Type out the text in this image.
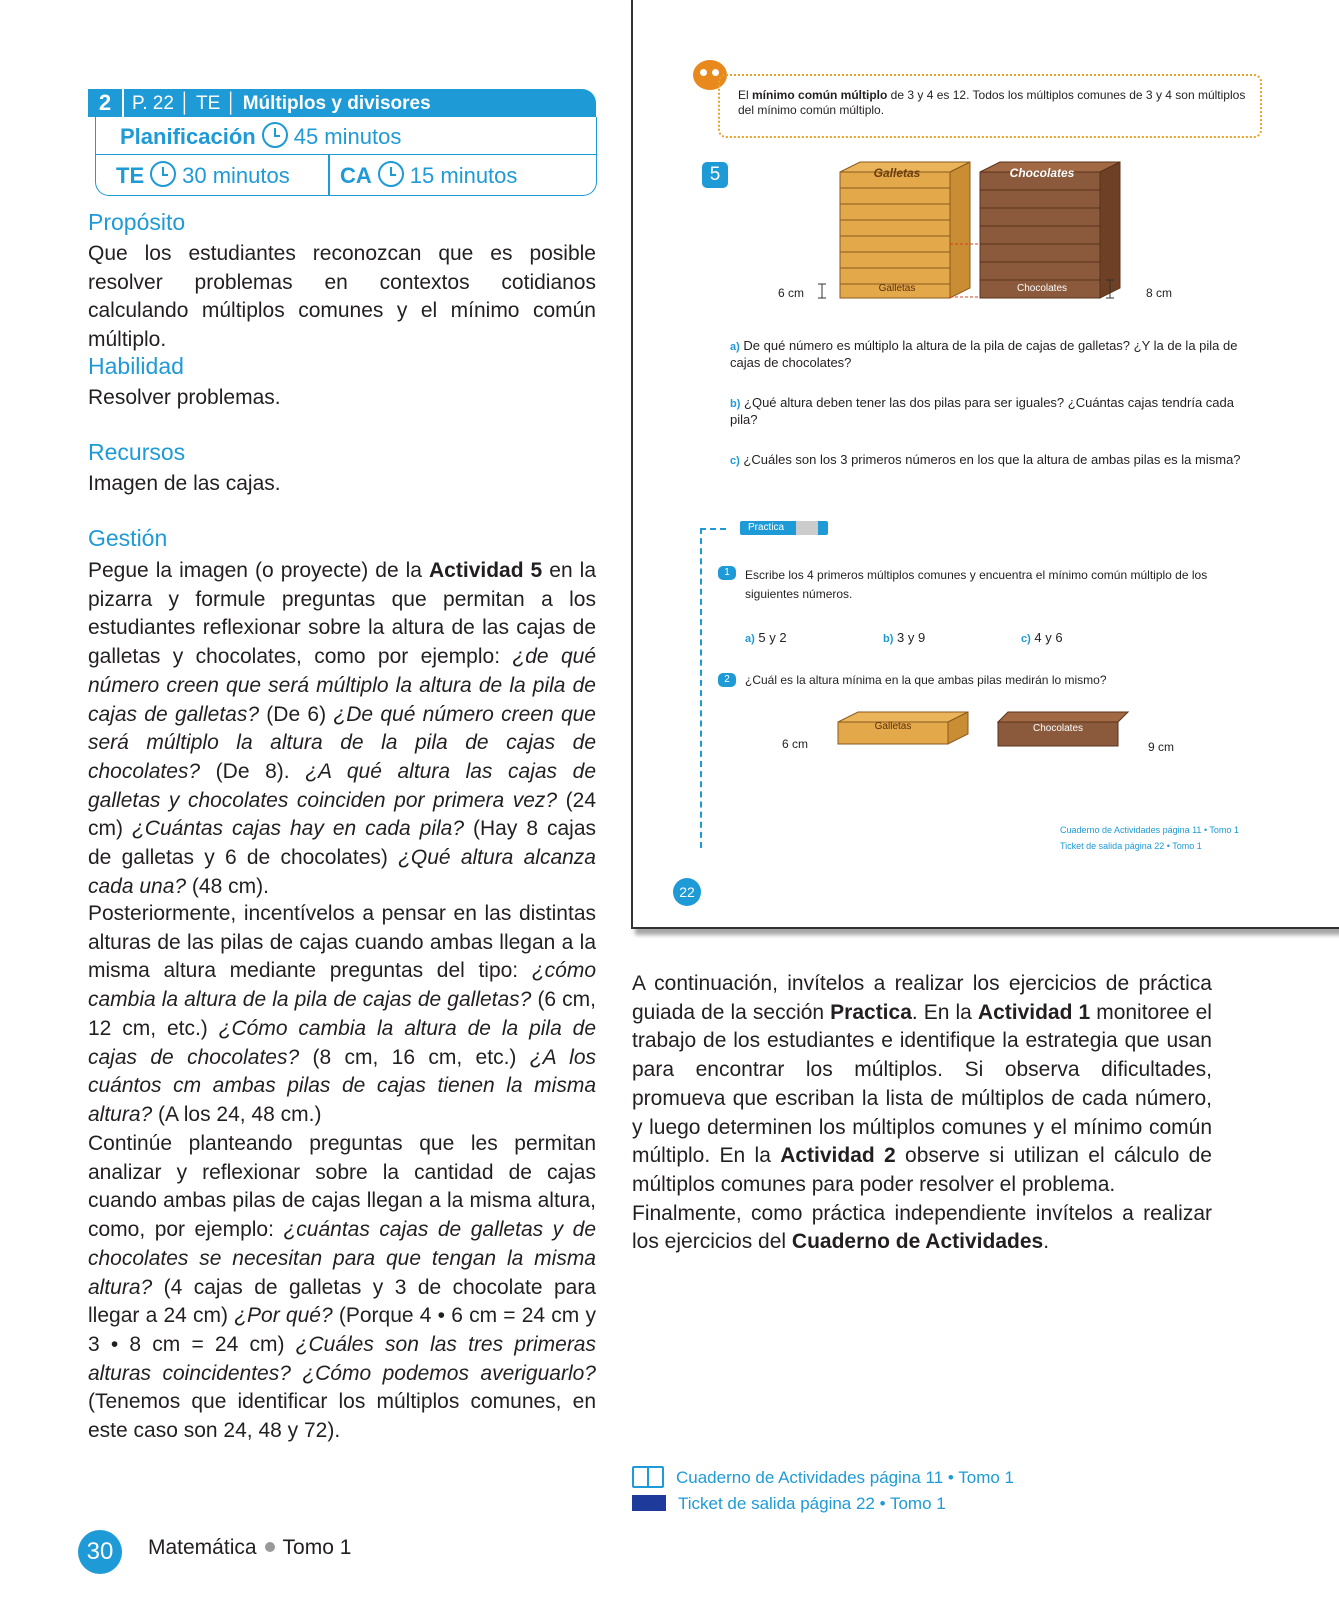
2	P. 22 │ TE │ Múltiplos y divisores
Planificación 45 minutos
TE 30 minutos CA 15 minutos
Propósito
Que los estudiantes reconozcan que es posible resolver problemas en contextos cotidianos calculando múltiplos comunes y el mínimo común múltiplo.
Habilidad
Resolver problemas.
Recursos
Imagen de las cajas.
Gestión
Pegue la imagen (o proyecte) de la Actividad 5 en la pizarra y formule preguntas que permitan a los estudiantes reflexionar sobre la altura de las cajas de galletas y chocolates, como por ejemplo: ¿de qué número creen que será múltiplo la altura de la pila de cajas de galletas? (De 6) ¿De qué número creen que será múltiplo la altura de la pila de cajas de chocolates? (De 8). ¿A qué altura las cajas de galletas y chocolates coinciden por primera vez? (24 cm) ¿Cuántas cajas hay en cada pila? (Hay 8 cajas de galletas y 6 de chocolates) ¿Qué altura alcanza cada una? (48 cm).
Posteriormente, incentívelos a pensar en las distintas alturas de las pilas de cajas cuando ambas llegan a la misma altura mediante preguntas del tipo: ¿cómo cambia la altura de la pila de cajas de galletas? (6 cm, 12 cm, etc.) ¿Cómo cambia la altura de la pila de cajas de chocolates? (8 cm, 16 cm, etc.) ¿A los cuántos cm ambas pilas de cajas tienen la misma altura? (A los 24, 48 cm.)
Continúe planteando preguntas que les permitan analizar y reflexionar sobre la cantidad de cajas cuando ambas pilas de cajas llegan a la misma altura, como, por ejemplo: ¿cuántas cajas de galletas y de chocolates se necesitan para que tengan la misma altura? (4 cajas de galletas y 3 de chocolate para llegar a 24 cm) ¿Por qué? (Porque 4 • 6 cm = 24 cm y 3 • 8 cm = 24 cm) ¿Cuáles son las tres primeras alturas coincidentes? ¿Cómo podemos averiguarlo? (Tenemos que identificar los múltiplos comunes, en este caso son 24, 48 y 72).
El mínimo común múltiplo de 3 y 4 es 12. Todos los múltiplos comunes de 3 y 4 son múltiplos del mínimo común múltiplo.
5	Galletas	Chocolates
Galletas	Chocolates
6 cm	8 cm
a) De qué número es múltiplo la altura de la pila de cajas de galletas? ¿Y la de la pila de cajas de chocolates?
b) ¿Qué altura deben tener las dos pilas para ser iguales? ¿Cuántas cajas tendría cada pila?
c) ¿Cuáles son los 3 primeros números en los que la altura de ambas pilas es la misma?
Practica
1	Escribe los 4 primeros múltiplos comunes y encuentra el mínimo común múltiplo de los siguientes números.
a) 5 y 2	b) 3 y 9	c) 4 y 6
2	¿Cuál es la altura mínima en la que ambas pilas medirán lo mismo?
Galletas	Chocolates
6 cm	9 cm
Cuaderno de Actividades página 11 • Tomo 1
Ticket de salida página 22 • Tomo 1
22
A continuación, invítelos a realizar los ejercicios de práctica guiada de la sección Practica. En la Actividad 1 monitoree el trabajo de los estudiantes e identifique la estrategia que usan para encontrar los múltiplos. Si observa dificultades, promueva que escriban la lista de múltiplos de cada número, y luego determinen los múltiplos comunes y el mínimo común múltiplo. En la Actividad 2 observe si utilizan el cálculo de múltiplos comunes para poder resolver el problema.
Finalmente, como práctica independiente invítelos a realizar los ejercicios del Cuaderno de Actividades.
Cuaderno de Actividades página 11 • Tomo 1
Ticket de salida página 22 • Tomo 1
30	Matemática Tomo 1
